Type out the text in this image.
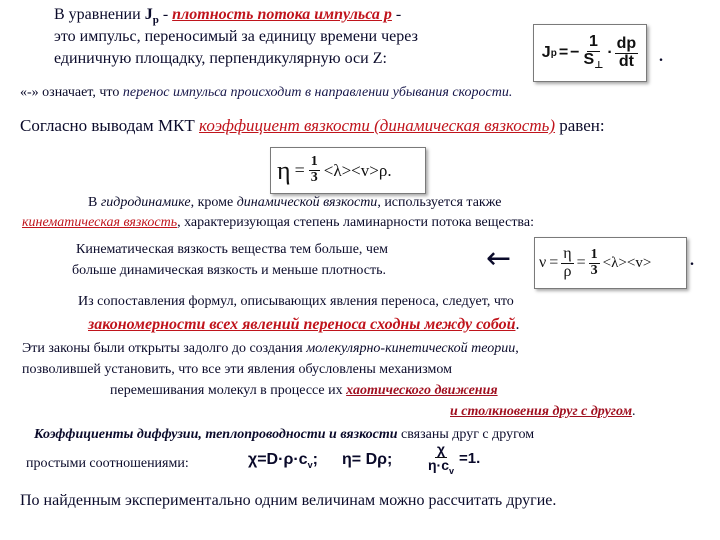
В уравнении $J_p$ - плотность потока импульса p -
это импульс, переносимый за единицу времени через
единичную площадку, перпендикулярную оси Z:	J p = − $\frac{1}{S_\perp} \cdot \frac{dp}{dt}$ .
«-» означает, что перенос импульса происходит в направлении убывания скорости.
Согласно выводам МКТ коэффициент вязкости (динамическая вязкость) равен:
$\eta = \frac{1}{3} <\lambda><v>\rho$.
В гидродинамике, кроме динамической вязкости, используется также
кинематическая вязкость, характеризующая степень ламинарности потока вещества:
Кинематическая вязкость вещества тем больше, чем
больше динамическая вязкость и меньше плотность.	← $\nu = \frac{\eta}{\rho} = \frac{1}{3} <\lambda><v>$ .
Из сопоставления формул, описывающих явления переноса, следует, что
закономерности всех явлений переноса сходны между собой.
Эти законы были открыты задолго до создания молекулярно-кинетической теории,
позволившей установить, что все эти явления обусловлены механизмом
перемешивания молекул в процессе их хаотического движения
и столкновения друг с другом.
Коэффициенты диффузии, теплопроводности и вязкости связаны друг с другом
простыми соотношениями:	$\chi=D\cdot\rho\cdot c_v$; η= Dρ; $\frac{\chi}{\eta\cdot c_v} =1$.
По найденным экспериментально одним величинам можно рассчитать другие.
